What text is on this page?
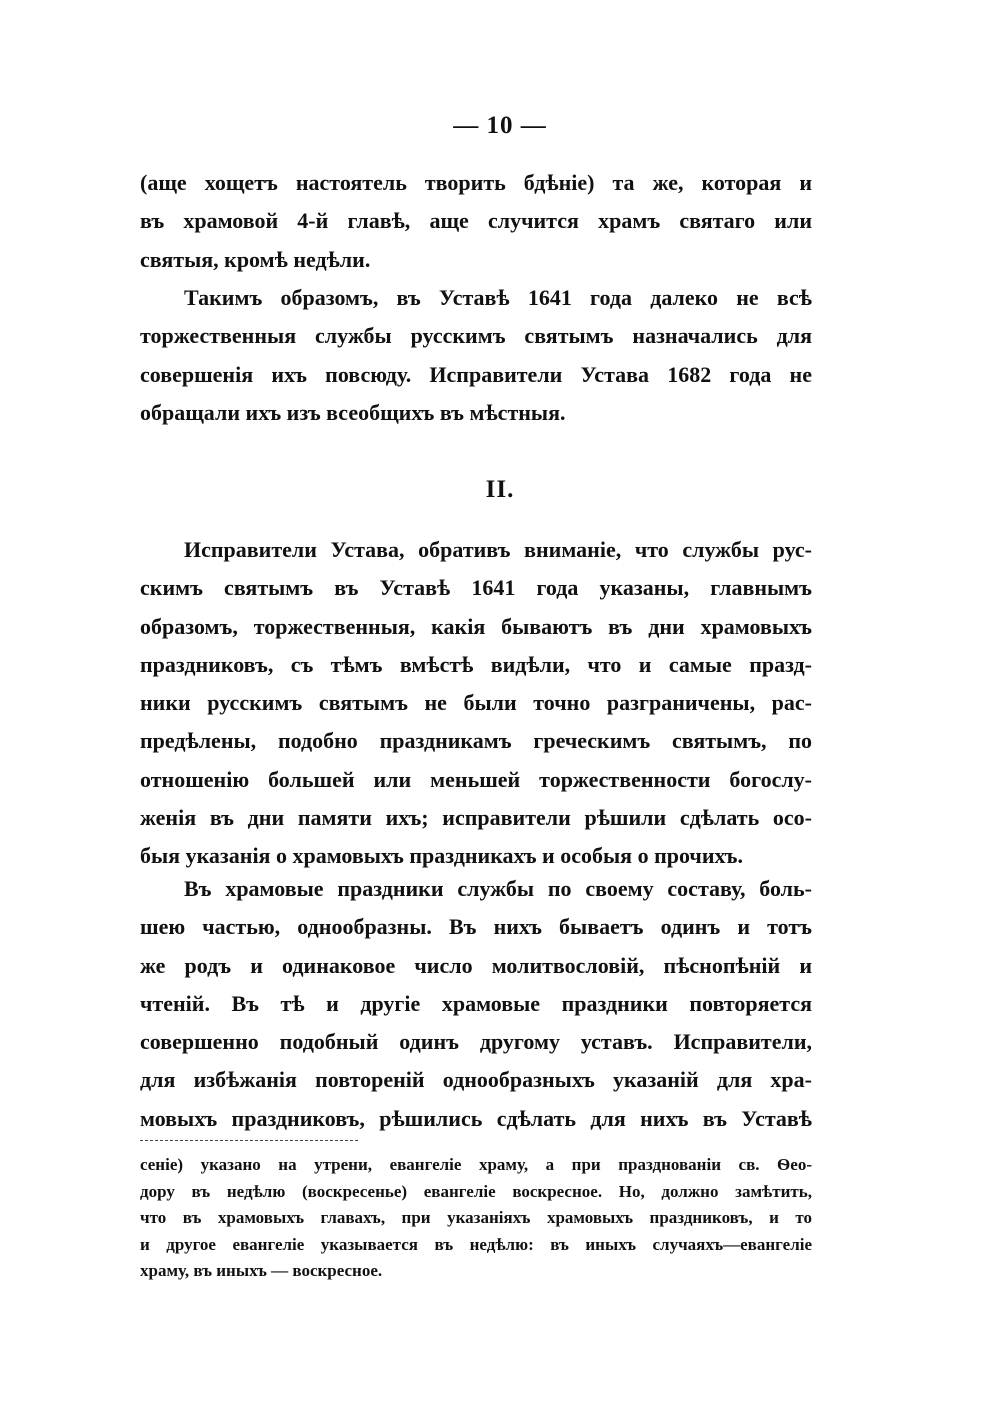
— 10 —
(аще хощетъ настоятель творить бдѣніе) та же, которая и
въ храмовой 4-й главѣ, аще случится храмъ святаго или
святыя, кромѣ недѣли.
Такимъ образомъ, въ Уставѣ 1641 года далеко не всѣ
торжественныя службы русскимъ святымъ назначались для
совершенія ихъ повсюду. Исправители Устава 1682 года не
обращали ихъ изъ всеобщихъ въ мѣстныя.
II.
Исправители Устава, обративъ вниманіе, что службы рус-
скимъ святымъ въ Уставѣ 1641 года указаны, главнымъ
образомъ, торжественныя, какія бываютъ въ дни храмовыхъ
праздниковъ, съ тѣмъ вмѣстѣ видѣли, что и самые празд-
ники русскимъ святымъ не были точно разграничены, рас-
предѣлены, подобно праздникамъ греческимъ святымъ, по
отношенію большей или меньшей торжественности богослу-
женія въ дни памяти ихъ; исправители рѣшили сдѣлать осо-
быя указанія о храмовыхъ праздникахъ и особыя о прочихъ.
Въ храмовые праздники службы по своему составу, боль-
шею частью, однообразны. Въ нихъ бываетъ одинъ и тотъ
же родъ и одинаковое число молитвословій, пѣснопѣній и
чтеній. Въ тѣ и другіе храмовые праздники повторяется
совершенно подобный одинъ другому уставъ. Исправители,
для избѣжанія повтореній однообразныхъ указаній для хра-
мовыхъ праздниковъ, рѣшились сдѣлать для нихъ въ Уставѣ
сеніе) указано на утрени, евангеліе храму, а при празднованіи св. Ѳео-
дору въ недѣлю (воскресенье) евангеліе воскресное. Но, должно замѣтить,
что въ храмовыхъ главахъ, при указаніяхъ храмовыхъ праздниковъ, и то
и другое евангеліе указывается въ недѣлю: въ иныхъ случаяхъ—евангеліе
храму, въ иныхъ — воскресное.
